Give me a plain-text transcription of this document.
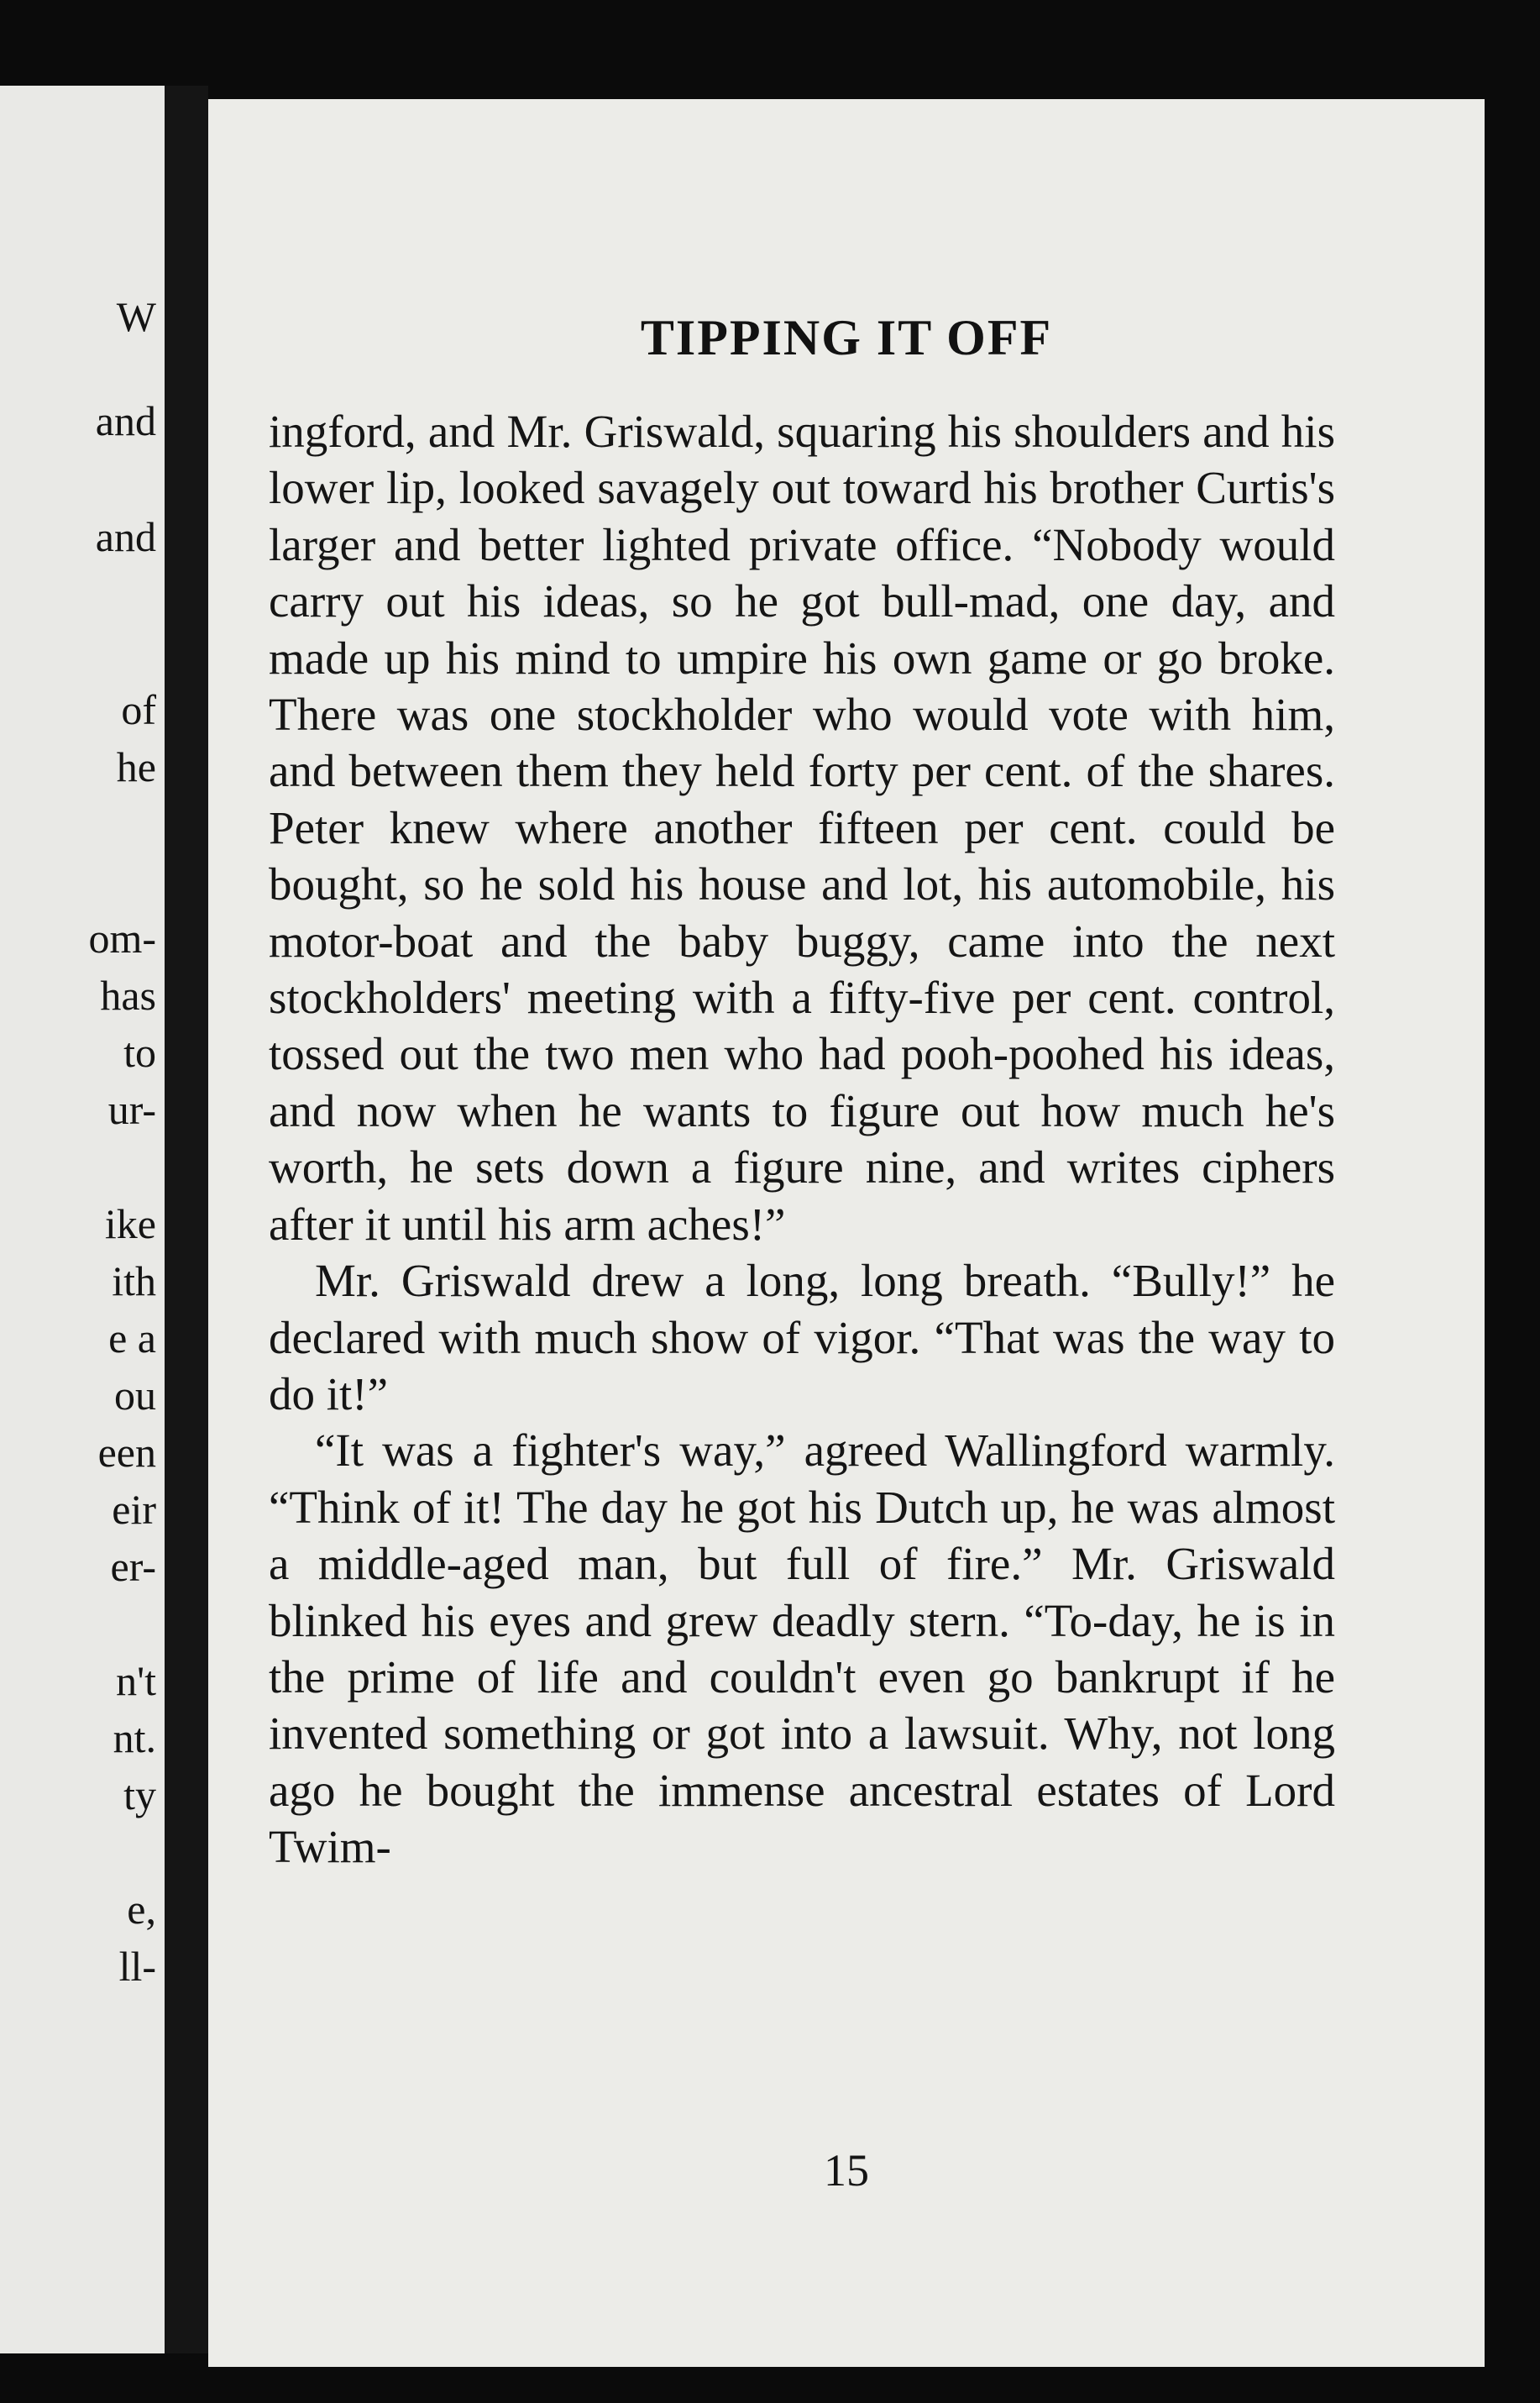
W
and
and
of
he
om-
has
to
ur-
ike
ith
e a
ou
een
eir
er-
n't
nt.
ty
e,
ll-
TIPPING IT OFF

ingford, and Mr. Griswald, squaring his shoulders and his lower lip, looked savagely out toward his brother Curtis's larger and better lighted private office. “Nobody would carry out his ideas, so he got bull-mad, one day, and made up his mind to umpire his own game or go broke. There was one stockholder who would vote with him, and between them they held forty per cent. of the shares. Peter knew where another fifteen per cent. could be bought, so he sold his house and lot, his automobile, his motor-boat and the baby buggy, came into the next stockholders' meeting with a fifty-five per cent. control, tossed out the two men who had pooh-poohed his ideas, and now when he wants to figure out how much he's worth, he sets down a figure nine, and writes ciphers after it until his arm aches!”

Mr. Griswald drew a long, long breath. “Bully!” he declared with much show of vigor. “That was the way to do it!”

“It was a fighter's way,” agreed Wallingford warmly. “Think of it! The day he got his Dutch up, he was almost a middle-aged man, but full of fire.” Mr. Griswald blinked his eyes and grew deadly stern. “To-day, he is in the prime of life and couldn't even go bankrupt if he invented something or got into a lawsuit. Why, not long ago he bought the immense ancestral estates of Lord Twim-

15
